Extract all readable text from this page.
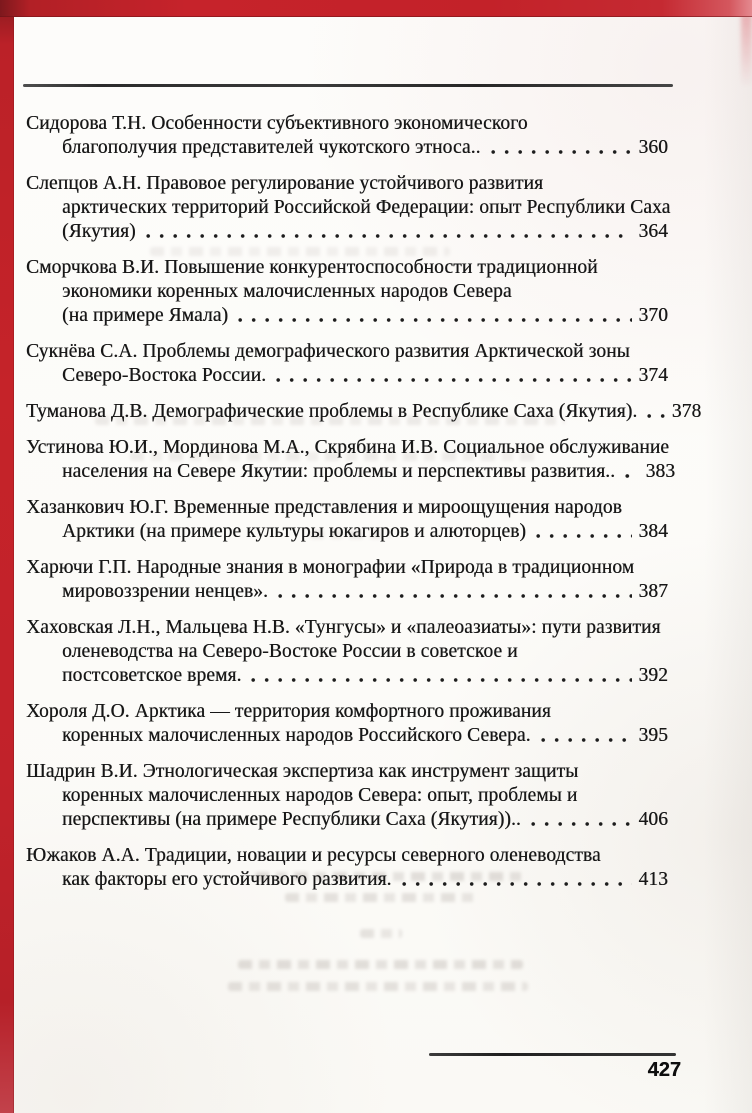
Сидорова Т.Н. Особенности субъективного экономического
благополучия представителей чукотского этноса..	360
Слепцов А.Н. Правовое регулирование устойчивого развития
арктических территорий Российской Федерации: опыт Республики Саха
(Якутия)	364
Сморчкова В.И. Повышение конкурентоспособности традиционной
экономики коренных малочисленных народов Севера
(на примере Ямала)	370
Сукнёва С.А. Проблемы демографического развития Арктической зоны
Северо-Востока России.	374
Туманова Д.В. Демографические проблемы в Республике Саха (Якутия). 378
Устинова Ю.И., Мординова М.А., Скрябина И.В. Социальное обслуживание
населения на Севере Якутии: проблемы и перспективы развития.. 383
Хазанкович Ю.Г. Временные представления и мироощущения народов
Арктики (на примере культуры юкагиров и алюторцев)	384
Харючи Г.П. Народные знания в монографии «Природа в традиционном
мировоззрении ненцев».	387
Хаховская Л.Н., Мальцева Н.В. «Тунгусы» и «палеоазиаты»: пути развития
оленеводства на Северо-Востоке России в советское и
постсоветское время.	392
Хороля Д.О. Арктика — территория комфортного проживания
коренных малочисленных народов Российского Севера.	395
Шадрин В.И. Этнологическая экспертиза как инструмент защиты
коренных малочисленных народов Севера: опыт, проблемы и
перспективы (на примере Республики Саха (Якутия))..	406
Южаков А.А. Традиции, новации и ресурсы северного оленеводства
как факторы его устойчивого развития.	413
427
